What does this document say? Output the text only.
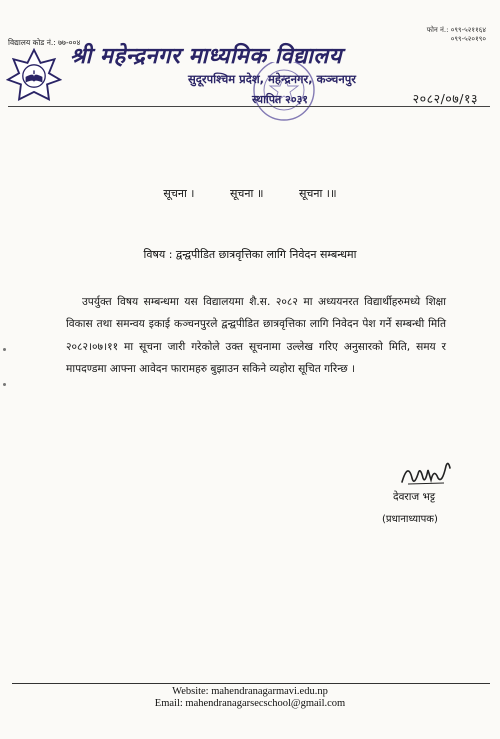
विद्यालय कोड नं.: ७७-००४
फोन नं.: ०९९-५२११६४
०९९-५२०१९०
श्री महेन्द्रनगर माध्यमिक विद्यालय
सुदूरपश्चिम प्रदेश, महेन्द्रनगर, कञ्चनपुर
स्थापित २०३१	२०८२/०७/१३
सूचना ।	सूचना ॥	सूचना ।॥
विषय : द्वन्द्वपीडित छात्रवृत्तिका लागि निवेदन सम्बन्धमा
उपर्युक्त विषय सम्बन्धमा यस विद्यालयमा शै.स. २०८२ मा अध्ययनरत विद्यार्थीहरुमध्ये शिक्षा विकास तथा समन्वय इकाई कञ्चनपुरले द्वन्द्वपीडित छात्रवृत्तिका लागि निवेदन पेश गर्ने सम्बन्धी मिति २०८२।०७।११ मा सूचना जारी गरेकोले उक्त सूचनामा उल्लेख गरिए अनुसारको मिति, समय र मापदण्डमा आफ्ना आवेदन फारामहरु बुझाउन सकिने व्यहोरा सूचित गरिन्छ ।
देवराज भट्ट
(प्रधानाध्यापक)
Website: mahendranagarmavi.edu.np
Email: mahendranagarsecschool@gmail.com
